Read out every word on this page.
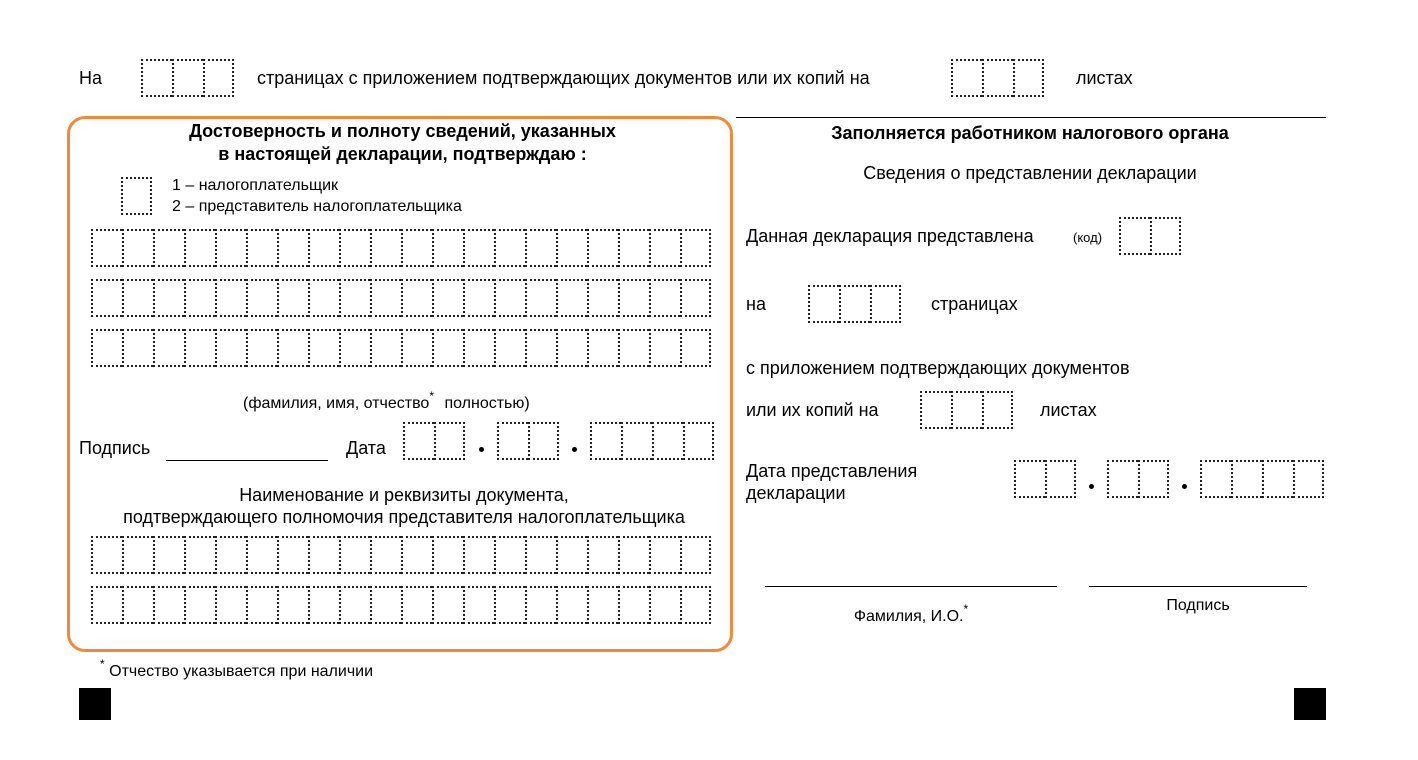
На	страницах с приложением подтверждающих документов или их копий на	листах
Достоверность и полноту сведений, указанных
в настоящей декларации, подтверждаю :
1 – налогоплательщик
2 – представитель налогоплательщика
(фамилия, имя, отчество* полностью)
Подпись	Дата
Наименование и реквизиты документа,
подтверждающего полномочия представителя налогоплательщика
Заполняется работником налогового органа
Сведения о представлении декларации
Данная декларация представлена	(код)
на	страницах
с приложением подтверждающих документов
или их копий на	листах
Дата представления
декларации
Фамилия, И.О.*	Подпись
* Отчество указывается при наличии
